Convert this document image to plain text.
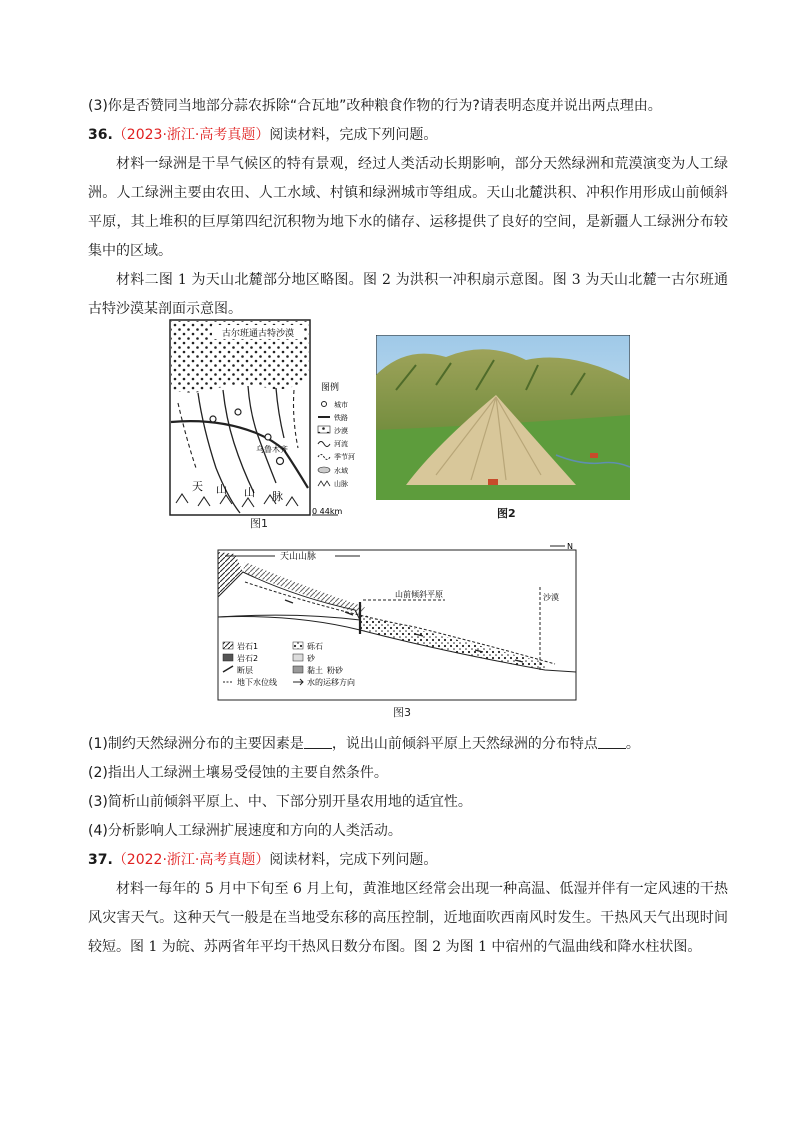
(3)你是否赞同当地部分蒜农拆除“合瓦地”改种粮食作物的行为?请表明态度并说出两点理由。

36.（2023·浙江·高考真题）阅读材料，完成下列问题。

材料一绿洲是干旱气候区的特有景观，经过人类活动长期影响，部分天然绿洲和荒漠演变为人工绿洲。人工绿洲主要由农田、人工水域、村镇和绿洲城市等组成。天山北麓洪积、冲积作用形成山前倾斜平原，其上堆积的巨厚第四纪沉积物为地下水的储存、运移提供了良好的空间，是新疆人工绿洲分布较集中的区域。

材料二图 1 为天山北麓部分地区略图。图 2 为洪积一冲积扇示意图。图 3 为天山北麓一古尔班通古特沙漠某剖面示意图。

古尔班通古特沙漠
乌鲁木齐
天 山 山 脉
图例
城市
铁路
沙漠
河流
季节河
水域
山脉
0 44km
图1
图2
天山山脉
山前倾斜平原	沙漠
N
岩石1
岩石2
断层
地下水位线
砾石
砂
黏土 粉砂
水的运移方向
图3

(1)制约天然绿洲分布的主要因素是 ，说出山前倾斜平原上天然绿洲的分布特点 。

(2)指出人工绿洲土壤易受侵蚀的主要自然条件。

(3)简析山前倾斜平原上、中、下部分别开垦农用地的适宜性。

(4)分析影响人工绿洲扩展速度和方向的人类活动。

37.（2022·浙江·高考真题）阅读材料，完成下列问题。

材料一每年的 5 月中下旬至 6 月上旬，黄淮地区经常会出现一种高温、低湿并伴有一定风速的干热风灾害天气。这种天气一般是在当地受东移的高压控制，近地面吹西南风时发生。干热风天气出现时间较短。图 1 为皖、苏两省年平均干热风日数分布图。图 2 为图 1 中宿州的气温曲线和降水柱状图。
